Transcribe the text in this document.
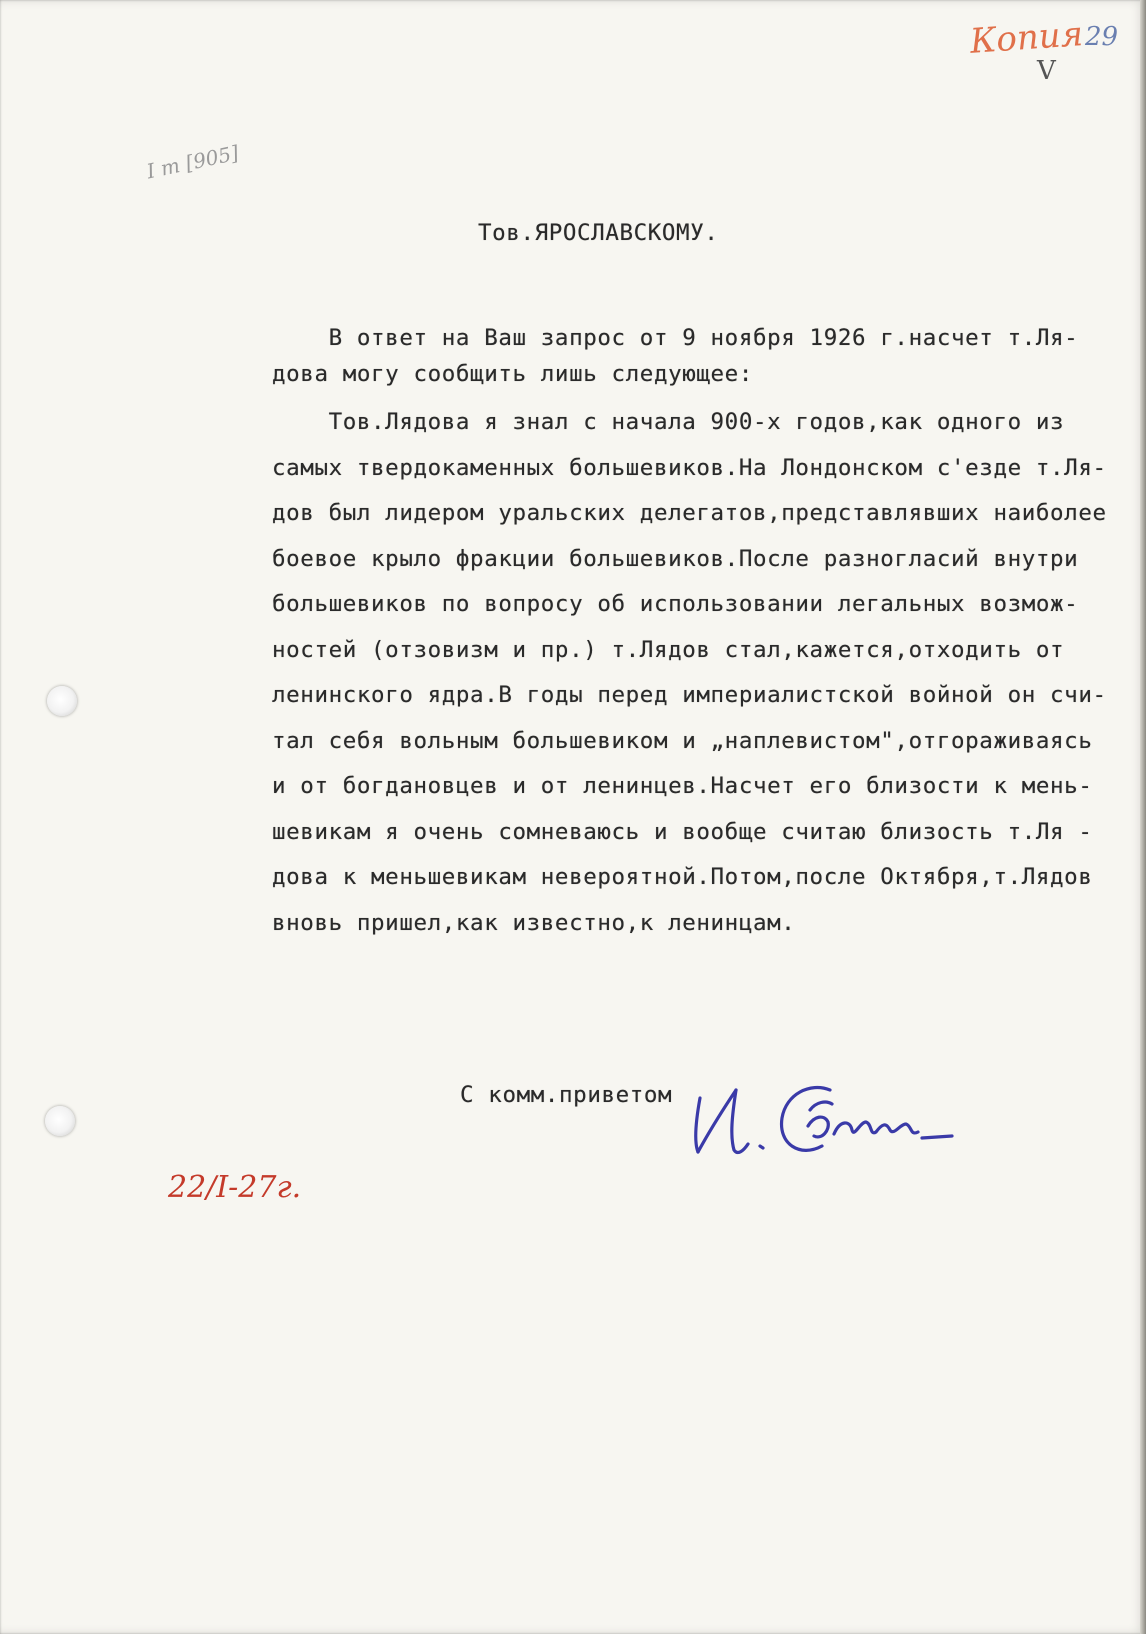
Копия 29
V
I т [905]
Тов.ЯРОСЛАВСКОМУ.
В ответ на Ваш запрос от 9 ноября 1926 г.насчет т.Ля-
дова могу сообщить лишь следующее:
Тов.Лядова я знал с начала 900-х годов,как одного из
самых твердокаменных большевиков.На Лондонском с'езде т.Ля-
дов был лидером уральских делегатов,представлявших наиболее
боевое крыло фракции большевиков.После разногласий внутри
большевиков по вопросу об использовании легальных возмож-
ностей (отзовизм и пр.) т.Лядов стал,кажется,отходить от
ленинского ядра.В годы перед империалистской войной он счи-
тал себя вольным большевиком и „наплевистом",отгораживаясь
и от богдановцев и от ленинцев.Насчет его близости к мень-
шевикам я очень сомневаюсь и вообще считаю близость т.Ля -
дова к меньшевикам невероятной.Потом,после Октября,т.Лядов
вновь пришел,как известно,к ленинцам.
С комм.приветом
22/I-27г.
